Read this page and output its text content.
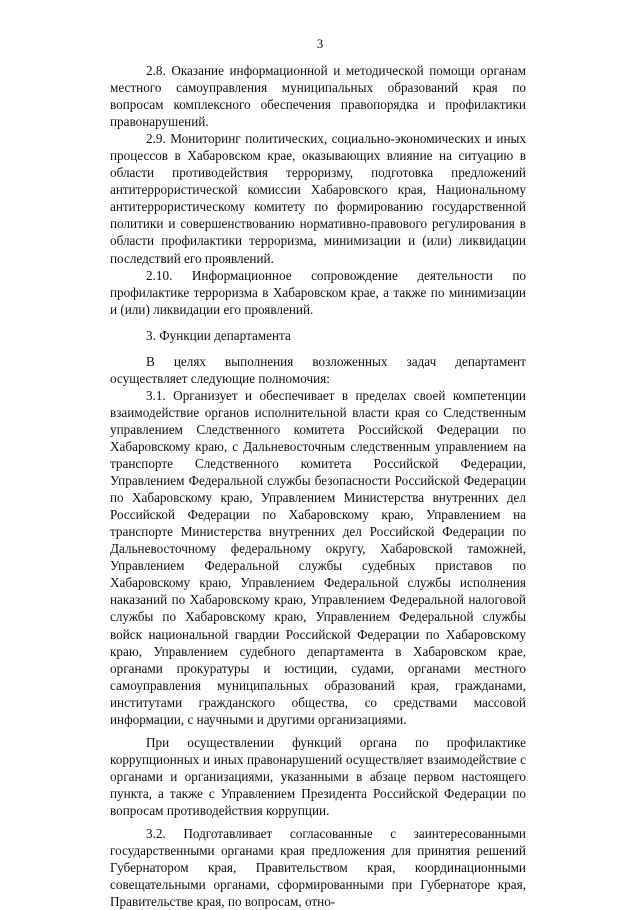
3

2.8. Оказание информационной и методической помощи органам местного самоуправления муниципальных образований края по вопросам комплексного обеспечения правопорядка и профилактики правонарушений.

2.9. Мониторинг политических, социально-экономических и иных процессов в Хабаровском крае, оказывающих влияние на ситуацию в области противодействия терроризму, подготовка предложений антитеррористической комиссии Хабаровского края, Национальному антитеррористическому комитету по формированию государственной политики и совершенствованию нормативно-правового регулирования в области профилактики терроризма, минимизации и (или) ликвидации последствий его проявлений.

2.10. Информационное сопровождение деятельности по профилактике терроризма в Хабаровском крае, а также по минимизации и (или) ликвидации его проявлений.

3. Функции департамента

В целях выполнения возложенных задач департамент осуществляет следующие полномочия:

3.1. Организует и обеспечивает в пределах своей компетенции взаимодействие органов исполнительной власти края со Следственным управлением Следственного комитета Российской Федерации по Хабаровскому краю, с Дальневосточным следственным управлением на транспорте Следственного комитета Российской Федерации, Управлением Федеральной службы безопасности Российской Федерации по Хабаровскому краю, Управлением Министерства внутренних дел Российской Федерации по Хабаровскому краю, Управлением на транспорте Министерства внутренних дел Российской Федерации по Дальневосточному федеральному округу, Хабаровской таможней, Управлением Федеральной службы судебных приставов по Хабаровскому краю, Управлением Федеральной службы исполнения наказаний по Хабаровскому краю, Управлением Федеральной налоговой службы по Хабаровскому краю, Управлением Федеральной службы войск национальной гвардии Российской Федерации по Хабаровскому краю, Управлением судебного департамента в Хабаровском крае, органами прокуратуры и юстиции, судами, органами местного самоуправления муниципальных образований края, гражданами, институтами гражданского общества, со средствами массовой информации, с научными и другими организациями.

При осуществлении функций органа по профилактике коррупционных и иных правонарушений осуществляет взаимодействие с органами и организациями, указанными в абзаце первом настоящего пункта, а также с Управлением Президента Российской Федерации по вопросам противодействия коррупции.

3.2. Подготавливает согласованные с заинтересованными государственными органами края предложения для принятия решений Губернатором края, Правительством края, координационными совещательными органами, сформированными при Губернаторе края, Правительстве края, по вопросам, отно-
